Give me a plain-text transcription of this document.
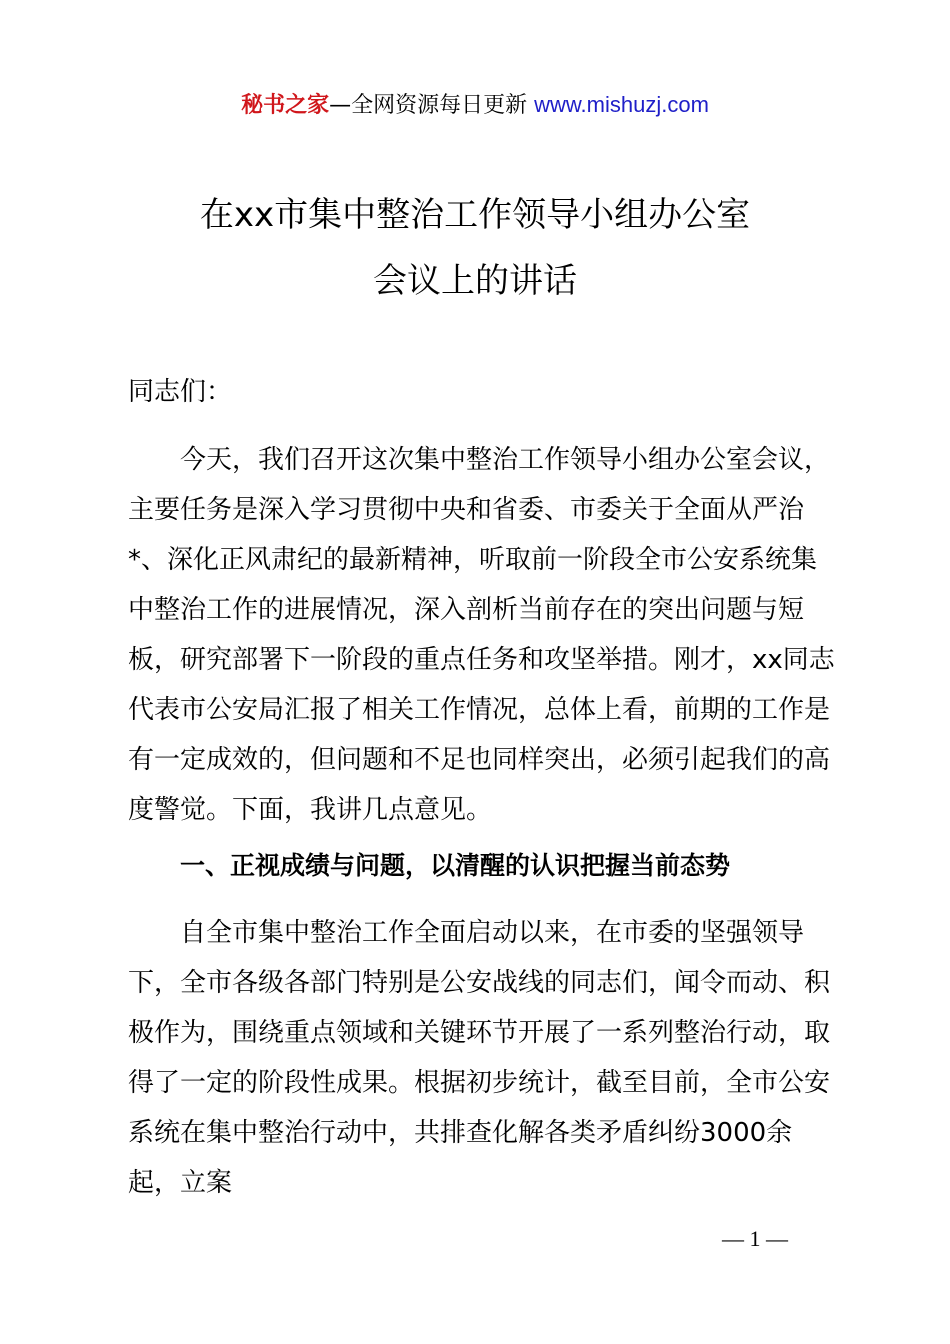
秘书之家—全网资源每日更新 www.mishuzj.com
在xx市集中整治工作领导小组办公室
会议上的讲话
同志们：
今天，我们召开这次集中整治工作领导小组办公室会议，主要任务是深入学习贯彻中央和省委、市委关于全面从严治*、深化正风肃纪的最新精神，听取前一阶段全市公安系统集中整治工作的进展情况，深入剖析当前存在的突出问题与短板，研究部署下一阶段的重点任务和攻坚举措。刚才，xx同志代表市公安局汇报了相关工作情况，总体上看，前期的工作是有一定成效的，但问题和不足也同样突出，必须引起我们的高度警觉。下面，我讲几点意见。
一、正视成绩与问题，以清醒的认识把握当前态势
自全市集中整治工作全面启动以来，在市委的坚强领导下，全市各级各部门特别是公安战线的同志们，闻令而动、积极作为，围绕重点领域和关键环节开展了一系列整治行动，取得了一定的阶段性成果。根据初步统计，截至目前，全市公安系统在集中整治行动中，共排查化解各类矛盾纠纷3000余起，立案
— 1 —
